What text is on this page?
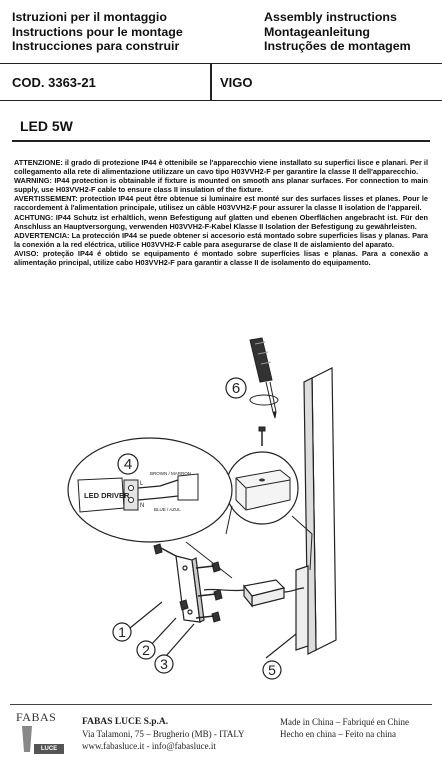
Istruzioni per il montaggio
Instructions pour le montage
Instrucciones para construir
Assembly instructions
Montageanleitung
Instruções de montagem
COD. 3363-21	VIGO
LED 5W

ATTENZIONE: il grado di protezione IP44 è ottenibile se l'apparecchio viene installato su superfici lisce e planari. Per il collegamento alla rete di alimentazione utilizzare un cavo tipo H03VVH2-F per garantire la classe II dell'apparecchio.

WARNING: IP44 protection is obtainable if fixture is mounted on smooth ans planar surfaces. For connection to main supply, use H03VVH2-F cable to ensure class II insulation of the fixture.

AVERTISSEMENT: protection IP44 peut être obtenue si luminaire est monté sur des surfaces lisses et planes. Pour le raccordement à l'alimentation principale, utilisez un câble H03VVH2-F pour assurer la classe II isolation de l'appareil.

ACHTUNG: IP44 Schutz ist erhältlich, wenn Befestigung auf glatten und ebenen Oberflächen angebracht ist. Für den Anschluss an Hauptversorgung, verwenden H03VVH2-F-Kabel Klasse II Isolation der Befestigung zu gewährleisten.

ADVERTENCIA: La protección IP44 se puede obtener si accesorio está montado sobre superficies lisas y planas. Para la conexión a la red eléctrica, utilice H03VVH2-F cable para asegurarse de clase II de aislamiento del aparato.

AVISO: proteção IP44 é obtido se equipamento é montado sobre superfícies lisas e planas. Para a conexão a alimentação principal, utilize cabo H03VVH2-F para garantir a classe II de isolamento do equipamento.

6
LED DRIVER
L
N
BROWN / MARRON
BLUE / AZUL
4
1
2
3	5
FABAS
LUCE
FABAS LUCE S.p.A.
Via Talamoni, 75 – Brugherio (MB) - ITALY
www.fabasluce.it - info@fabasluce.it
Made in China – Fabriqué en Chine
Hecho en china – Feito na china
